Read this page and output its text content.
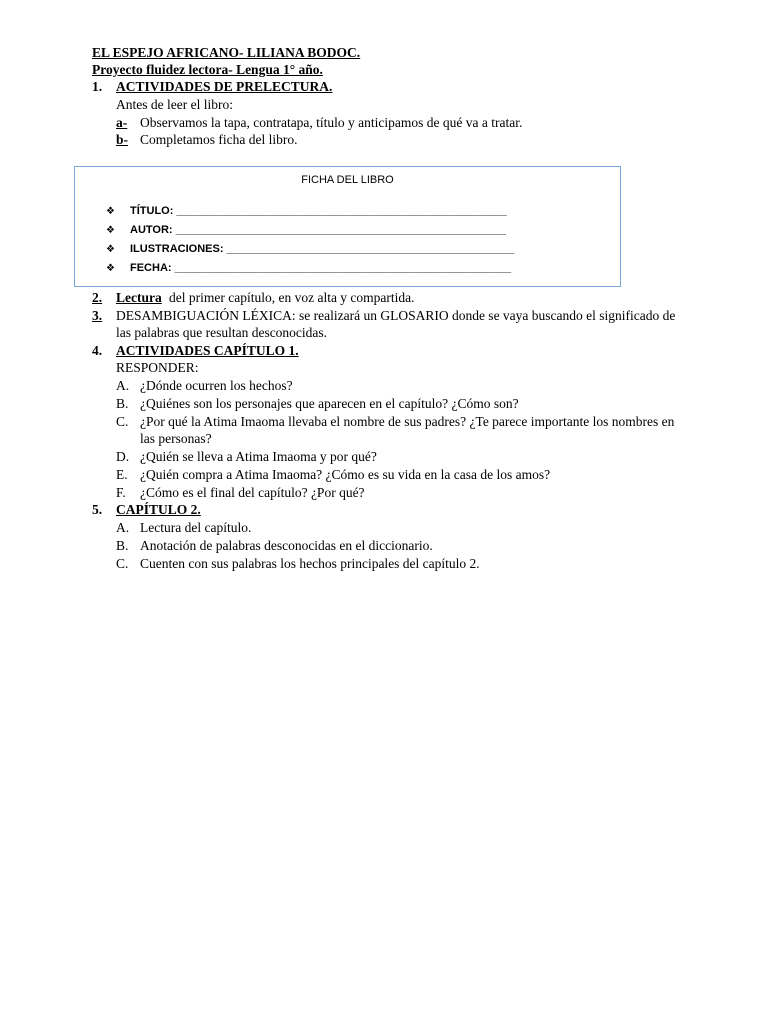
EL ESPEJO AFRICANO- LILIANA BODOC.
Proyecto fluidez lectora- Lengua 1° año.
1. ACTIVIDADES DE PRELECTURA.
Antes de leer el libro:
a- Observamos la tapa, contratapa, título y anticipamos de qué va a tratar.
b- Completamos ficha del libro.
FICHA DEL LIBRO
❖ TÍTULO: ______________________________________________________
❖ AUTOR: ______________________________________________________
❖ ILUSTRACIONES: _______________________________________________
❖ FECHA: _______________________________________________________
2. Lectura del primer capítulo, en voz alta y compartida.
3.	DESAMBIGUACIÓN LÉXICA: se realizará un GLOSARIO donde se vaya buscando el significado de
las palabras que resultan desconocidas.
4. ACTIVIDADES CAPÍTULO 1.
RESPONDER:
A. ¿Dónde ocurren los hechos?
B. ¿Quiénes son los personajes que aparecen en el capítulo? ¿Cómo son?
C. ¿Por qué la Atima Imaoma llevaba el nombre de sus padres? ¿Te parece importante los nombres en
las personas?
D. ¿Quién se lleva a Atima Imaoma y por qué?
E. ¿Quién compra a Atima Imaoma? ¿Cómo es su vida en la casa de los amos?
F. ¿Cómo es el final del capítulo? ¿Por qué?
5. CAPÍTULO 2.
A. Lectura del capítulo.
B. Anotación de palabras desconocidas en el diccionario.
C. Cuenten con sus palabras los hechos principales del capítulo 2.
